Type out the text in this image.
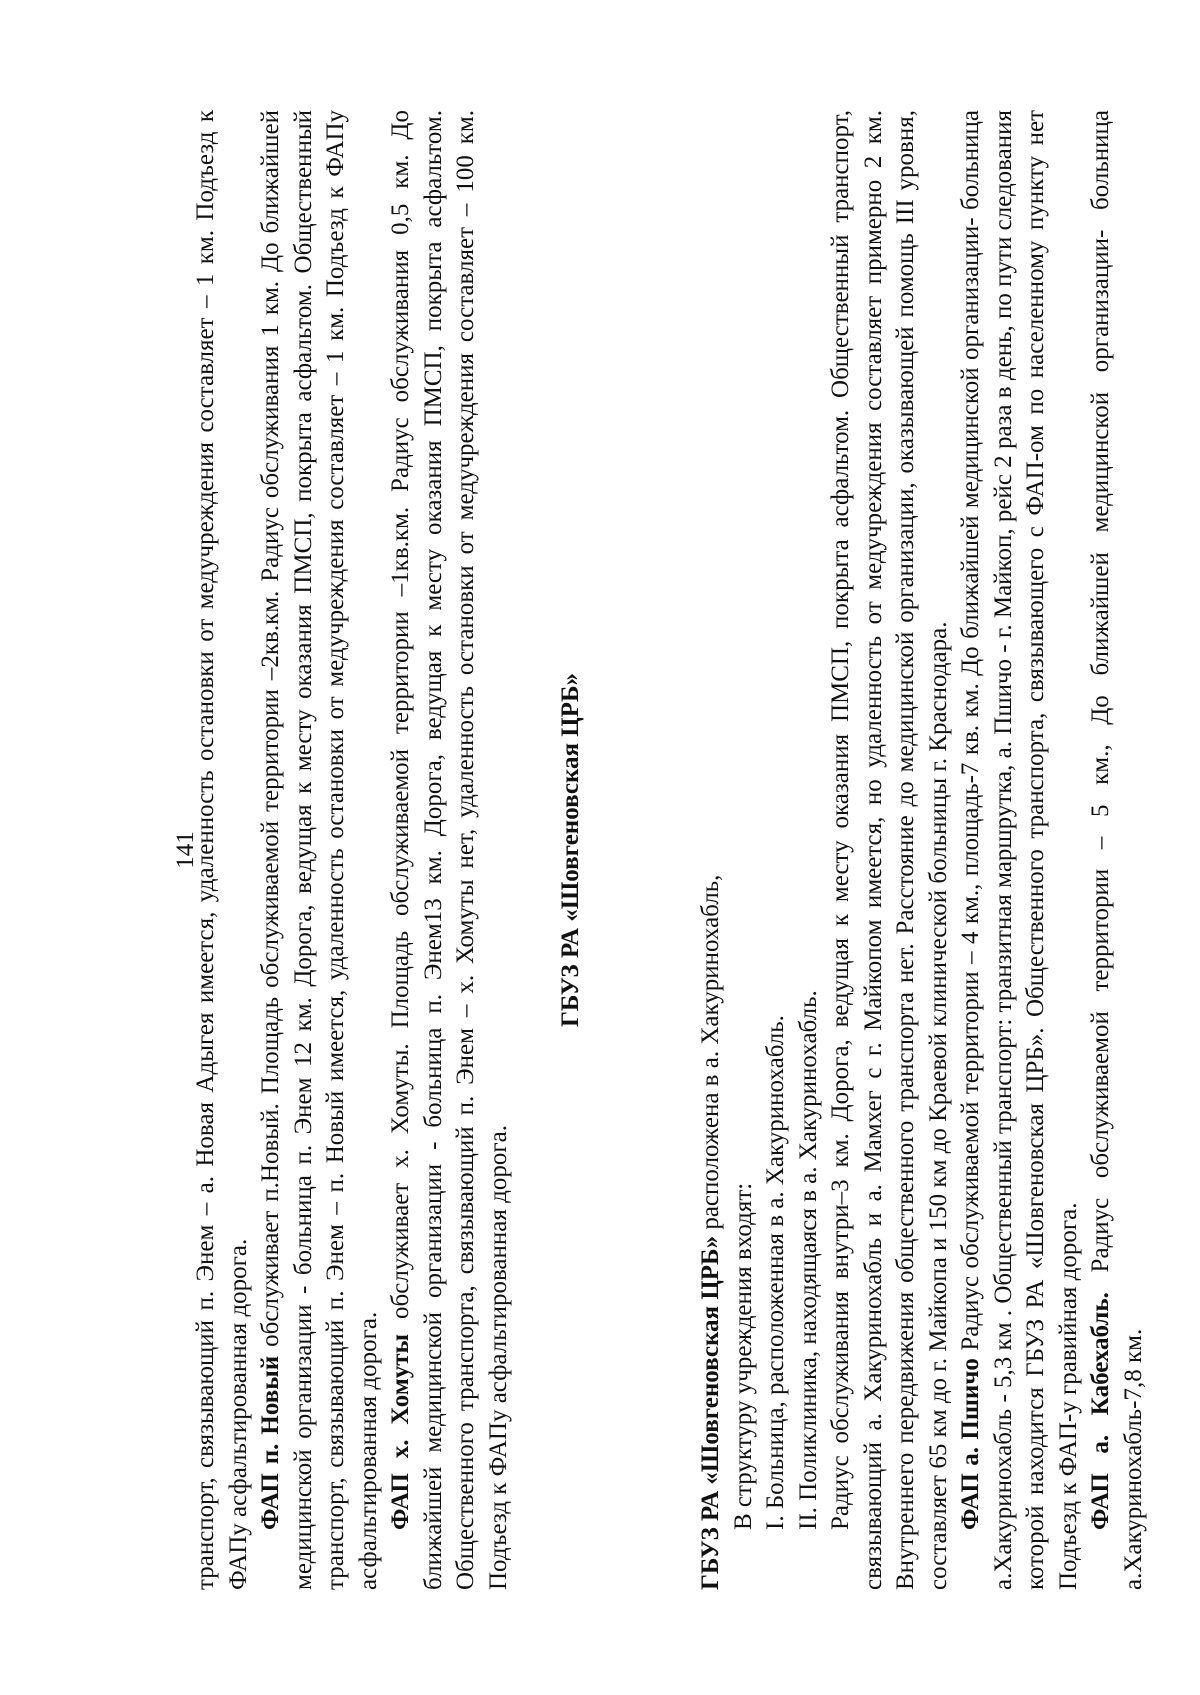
141

транспорт, связывающий п. Энем – а. Новая Адыгея имеется, удаленность остановки от медучреждения составляет – 1 км. Подъезд к ФАПу асфальтированная дорога. ФАП п. Новый обслуживает п.Новый. Площадь обслуживаемой территории –2кв.км. Радиус обслуживания 1 км. До ближайшей медицинской организации - больница п. Энем 12 км. Дорога, ведущая к месту оказания ПМСП, покрыта асфальтом. Общественный транспорт, связывающий п. Энем – п. Новый имеется, удаленность остановки от медучреждения составляет – 1 км. Подъезд к ФАПу асфальтированная дорога. ФАП х. Хомуты обслуживает х. Хомуты. Площадь обслуживаемой территории –1кв.км. Радиус обслуживания 0,5 км. До ближайшей медицинской организации - больница п. Энем13 км. Дорога, ведущая к месту оказания ПМСП, покрыта асфальтом. Общественного транспорта, связывающий п. Энем – х. Хомуты нет, удаленность остановки от медучреждения составляет – 100 км. Подъезд к ФАПу асфальтированная дорога.

ГБУЗ РА «Шовгеновская ЦРБ»

ГБУЗ РА «Шовгеновская ЦРБ» расположена в а. Хакуринохабль,

В структуру учреждения входят: I. Больница, расположенная в а. Хакуринохабль. II. Поликлиника, находящаяся в а. Хакуринохабль. Радиус обслуживания внутри–3 км. Дорога, ведущая к месту оказания ПМСП, покрыта асфальтом. Общественный транспорт, связывающий а. Хакуринохабль и а. Мамхег с г. Майкопом имеется, но удаленность от медучреждения составляет примерно 2 км. Внутреннего передвижения общественного транспорта нет. Расстояние до медицинской организации, оказывающей помощь III уровня, составляет 65 км до г. Майкопа и 150 км до Краевой клинической больницы г. Краснодара. ФАП а. Пшичо Радиус обслуживаемой территории – 4 км., площадь-7 кв. км. До ближайшей медицинской организации- больница а.Хакуринохабль - 5,3 км . Общественный транспорт: транзитная маршрутка, а. Пшичо - г. Майкоп, рейс 2 раза в день, по пути следования которой находится ГБУЗ РА «Шовгеновская ЦРБ». Общественного транспорта, связывающего с ФАП-ом по населенному пункту нет Подъезд к ФАП-у гравийная дорога. ФАП а. Кабехабль. Радиус обслуживаемой территории – 5 км., До ближайшей медицинской организации- больница а.Хакуринохабль-7,8 км.
